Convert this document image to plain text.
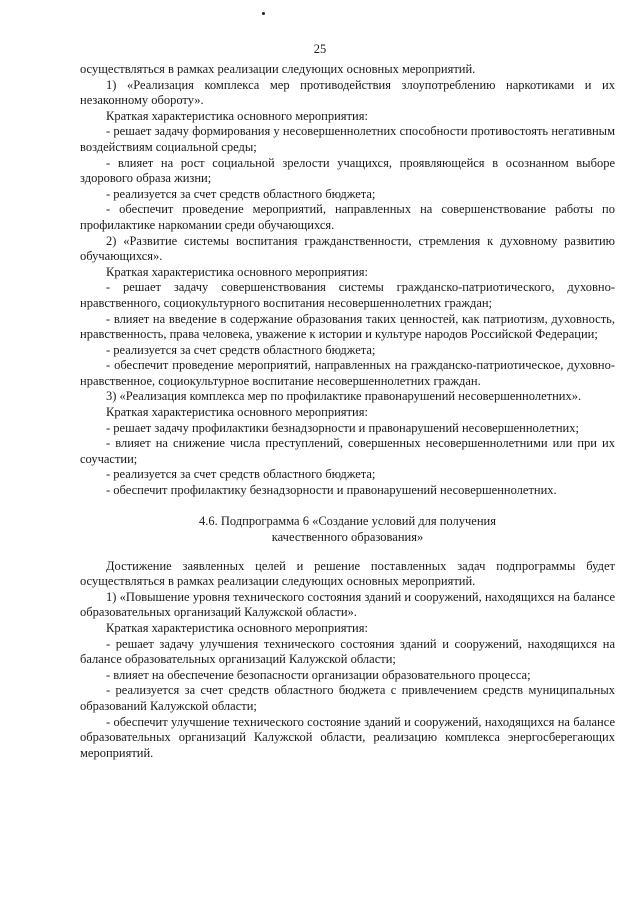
25

осуществляться в рамках реализации следующих основных мероприятий.

1) «Реализация комплекса мер противодействия злоупотреблению наркотиками и их незаконному обороту».

Краткая характеристика основного мероприятия:

- решает задачу формирования у несовершеннолетних способности противостоять негативным воздействиям социальной среды;

- влияет на рост социальной зрелости учащихся, проявляющейся в осознанном выборе здорового образа жизни;

- реализуется за счет средств областного бюджета;

- обеспечит проведение мероприятий, направленных на совершенствование работы по профилактике наркомании среди обучающихся.

2) «Развитие системы воспитания гражданственности, стремления к духовному развитию обучающихся».

Краткая характеристика основного мероприятия:

- решает задачу совершенствования системы гражданско-патриотического, духовно-нравственного, социокультурного воспитания несовершеннолетних граждан;

- влияет на введение в содержание образования таких ценностей, как патриотизм, духовность, нравственность, права человека, уважение к истории и культуре народов Российской Федерации;

- реализуется за счет средств областного бюджета;

- обеспечит проведение мероприятий, направленных на гражданско-патриотическое, духовно-нравственное, социокультурное воспитание несовершеннолетних граждан.

3) «Реализация комплекса мер по профилактике правонарушений несовершеннолетних».

Краткая характеристика основного мероприятия:

- решает задачу профилактики безнадзорности и правонарушений несовершеннолетних;

- влияет на снижение числа преступлений, совершенных несовершеннолетними или при их соучастии;

- реализуется за счет средств областного бюджета;

- обеспечит профилактику безнадзорности и правонарушений несовершеннолетних.

4.6. Подпрограмма 6 «Создание условий для получения
качественного образования»

Достижение заявленных целей и решение поставленных задач подпрограммы будет осуществляться в рамках реализации следующих основных мероприятий.

1) «Повышение уровня технического состояния зданий и сооружений, находящихся на балансе образовательных организаций Калужской области».

Краткая характеристика основного мероприятия:

- решает задачу улучшения технического состояния зданий и сооружений, находящихся на балансе образовательных организаций Калужской области;

- влияет на обеспечение безопасности организации образовательного процесса;

- реализуется за счет средств областного бюджета с привлечением средств муниципальных образований Калужской области;

- обеспечит улучшение технического состояние зданий и сооружений, находящихся на балансе образовательных организаций Калужской области, реализацию комплекса энергосберегающих мероприятий.
